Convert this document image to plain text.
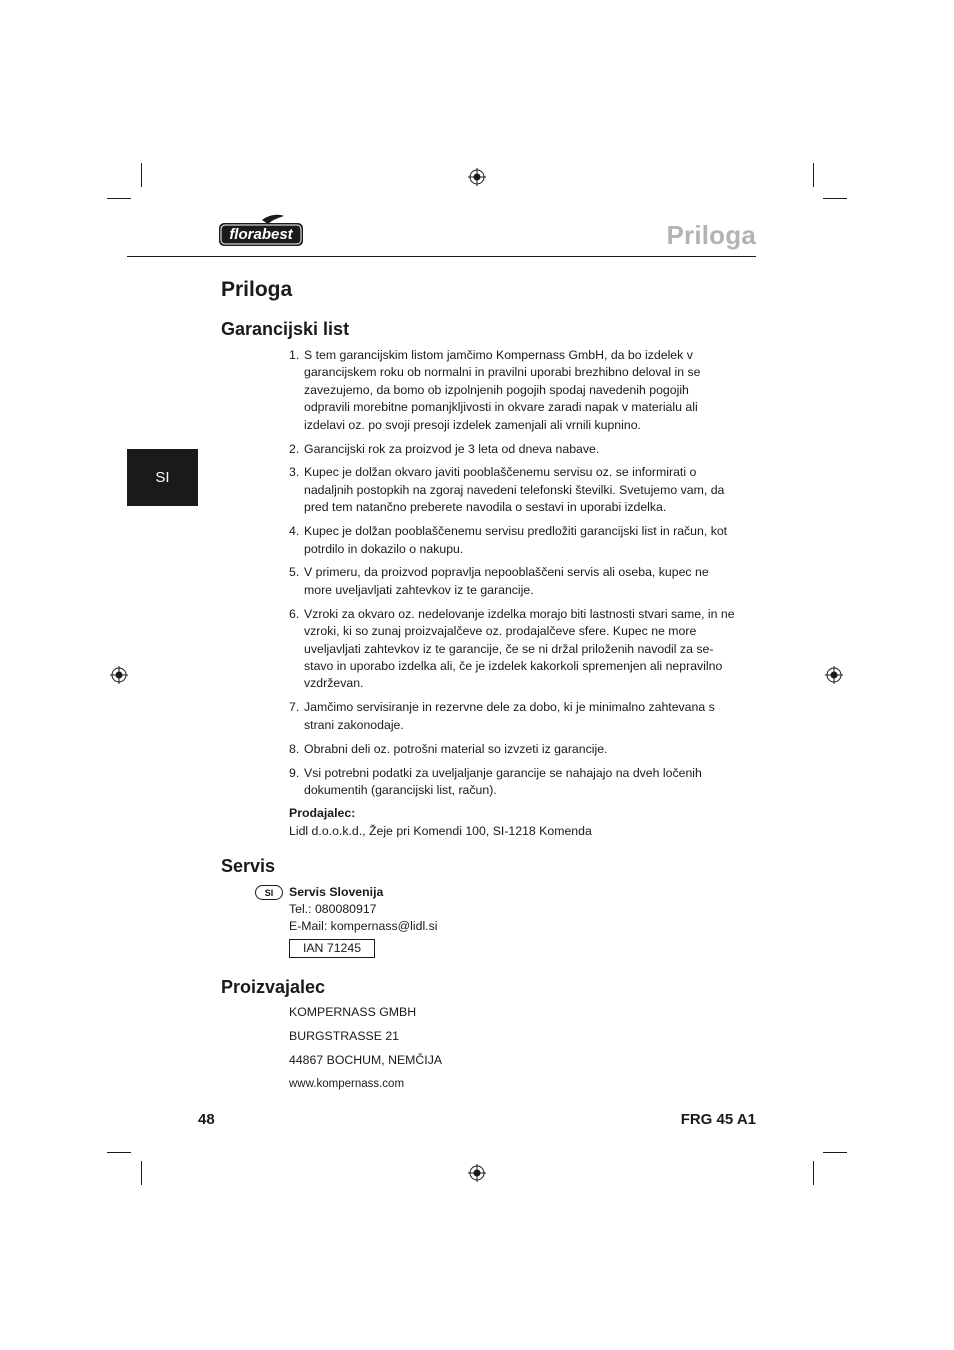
florabest	Priloga
SI
Priloga
Garancijski list
1. S tem garancijskim listom jamčimo Kompernass GmbH, da bo izdelek v garancijskem roku ob normalni in pravilni uporabi brezhibno deloval in se zavezujemo, da bomo ob izpolnjenih pogojih spodaj navedenih pogojih odpravili morebitne pomanjkljivosti in okvare zaradi napak v materialu ali izdelavi oz. po svoji presoji izdelek zamenjali ali vrnili kupnino.
2. Garancijski rok za proizvod je 3 leta od dneva nabave.
3. Kupec je dolžan okvaro javiti pooblaščenemu servisu oz. se informirati o nadaljnih postopkih na zgoraj navedeni telefonski številki. Svetujemo vam, da pred tem natančno preberete navodila o sestavi in uporabi izdelka.
4. Kupec je dolžan pooblaščenemu servisu predložiti garancijski list in račun, kot potrdilo in dokazilo o nakupu.
5. V primeru, da proizvod popravlja nepooblaščeni servis ali oseba, kupec ne more uveljavljati zahtevkov iz te garancije.
6. Vzroki za okvaro oz. nedelovanje izdelka morajo biti lastnosti stvari same, in ne vzroki, ki so zunaj proizvajalčeve oz. prodajalčeve sfere. Kupec ne more uveljavljati zahtevkov iz te garancije, če se ni držal priloženih navodil za se-stavo in uporabo izdelka ali, če je izdelek kakorkoli spremenjen ali nepravilno vzdrževan.
7. Jamčimo servisiranje in rezervne dele za dobo, ki je minimalno zahtevana s strani zakonodaje.
8. Obrabni deli oz. potrošni material so izvzeti iz garancije.
9. Vsi potrebni podatki za uveljaljanje garancije se nahajajo na dveh ločenih dokumentih (garancijski list, račun).
Prodajalec:
Lidl d.o.o.k.d., Žeje pri Komendi 100, SI-1218 Komenda
Servis
SI	Servis Slovenija
Tel.: 080080917
E-Mail: kompernass@lidl.si
IAN 71245
Proizvajalec
KOMPERNASS GMBH
BURGSTRASSE 21
44867 BOCHUM, NEMČIJA
www.kompernass.com
48	FRG 45 A1
